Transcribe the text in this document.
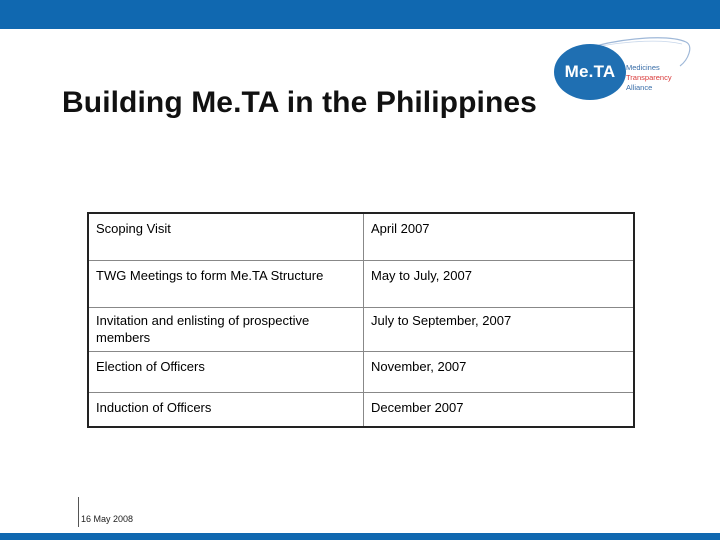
Me.TA	Medicines
Transparency
Alliance
Building Me.TA in the Philippines
Scoping Visit	April 2007
TWG Meetings to form Me.TA Structure	May to July, 2007
Invitation and enlisting of prospective members	July to September, 2007
Election of Officers	November, 2007
Induction of Officers	December 2007
16 May 2008
